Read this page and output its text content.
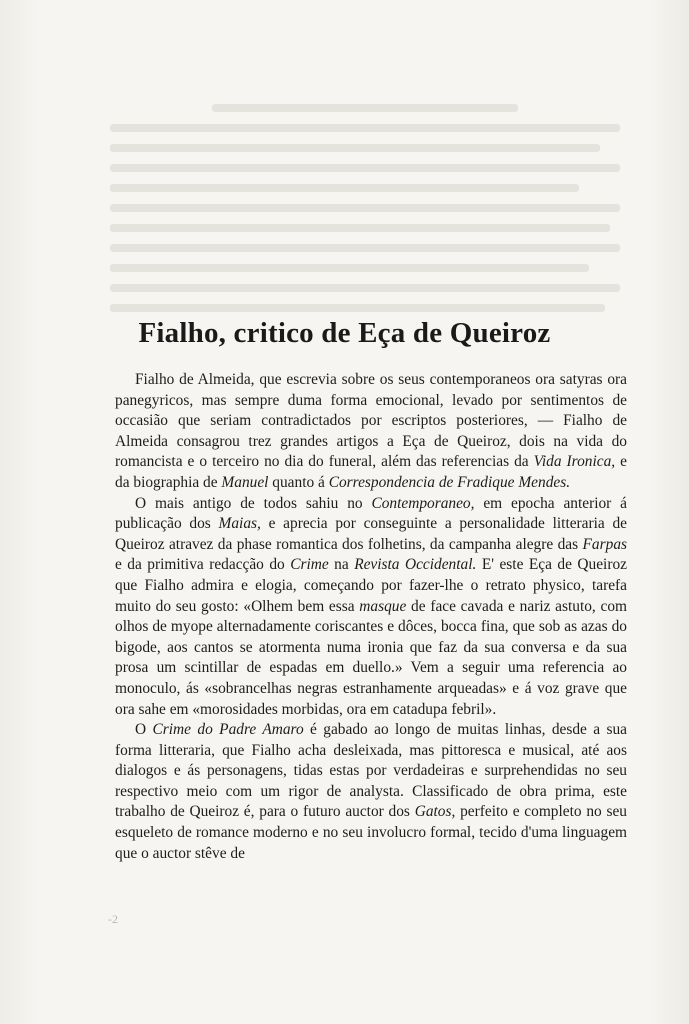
Fialho, critico de Eça de Queiroz

Fialho de Almeida, que escrevia sobre os seus contemporaneos ora satyras ora panegyricos, mas sempre duma forma emocional, levado por sentimentos de occasião que seriam contradictados por escriptos posteriores, — Fialho de Almeida consagrou trez grandes artigos a Eça de Queiroz, dois na vida do romancista e o terceiro no dia do funeral, além das referencias da Vida Ironica, e da biographia de Manuel quanto á Correspondencia de Fradique Mendes.

O mais antigo de todos sahiu no Contemporaneo, em epocha anterior á publicação dos Maias, e aprecia por conseguinte a personalidade litteraria de Queiroz atravez da phase romantica dos folhetins, da campanha alegre das Farpas e da primitiva redacção do Crime na Revista Occidental. E' este Eça de Queiroz que Fialho admira e elogia, começando por fazer-lhe o retrato physico, tarefa muito do seu gosto: «Olhem bem essa masque de face cavada e nariz astuto, com olhos de myope alternadamente coriscantes e dôces, bocca fina, que sob as azas do bigode, aos cantos se atormenta numa ironia que faz da sua conversa e da sua prosa um scintillar de espadas em duello.» Vem a seguir uma referencia ao monoculo, ás «sobrancelhas negras estranhamente arqueadas» e á voz grave que ora sahe em «morosidades morbidas, ora em catadupa febril».

O Crime do Padre Amaro é gabado ao longo de muitas linhas, desde a sua forma litteraria, que Fialho acha desleixada, mas pittoresca e musical, até aos dialogos e ás personagens, tidas estas por verdadeiras e surprehendidas no seu respectivo meio com um rigor de analysta. Classificado de obra prima, este trabalho de Queiroz é, para o futuro auctor dos Gatos, perfeito e completo no seu esqueleto de romance moderno e no seu involucro formal, tecido d'uma linguagem que o auctor stêve de

-2
